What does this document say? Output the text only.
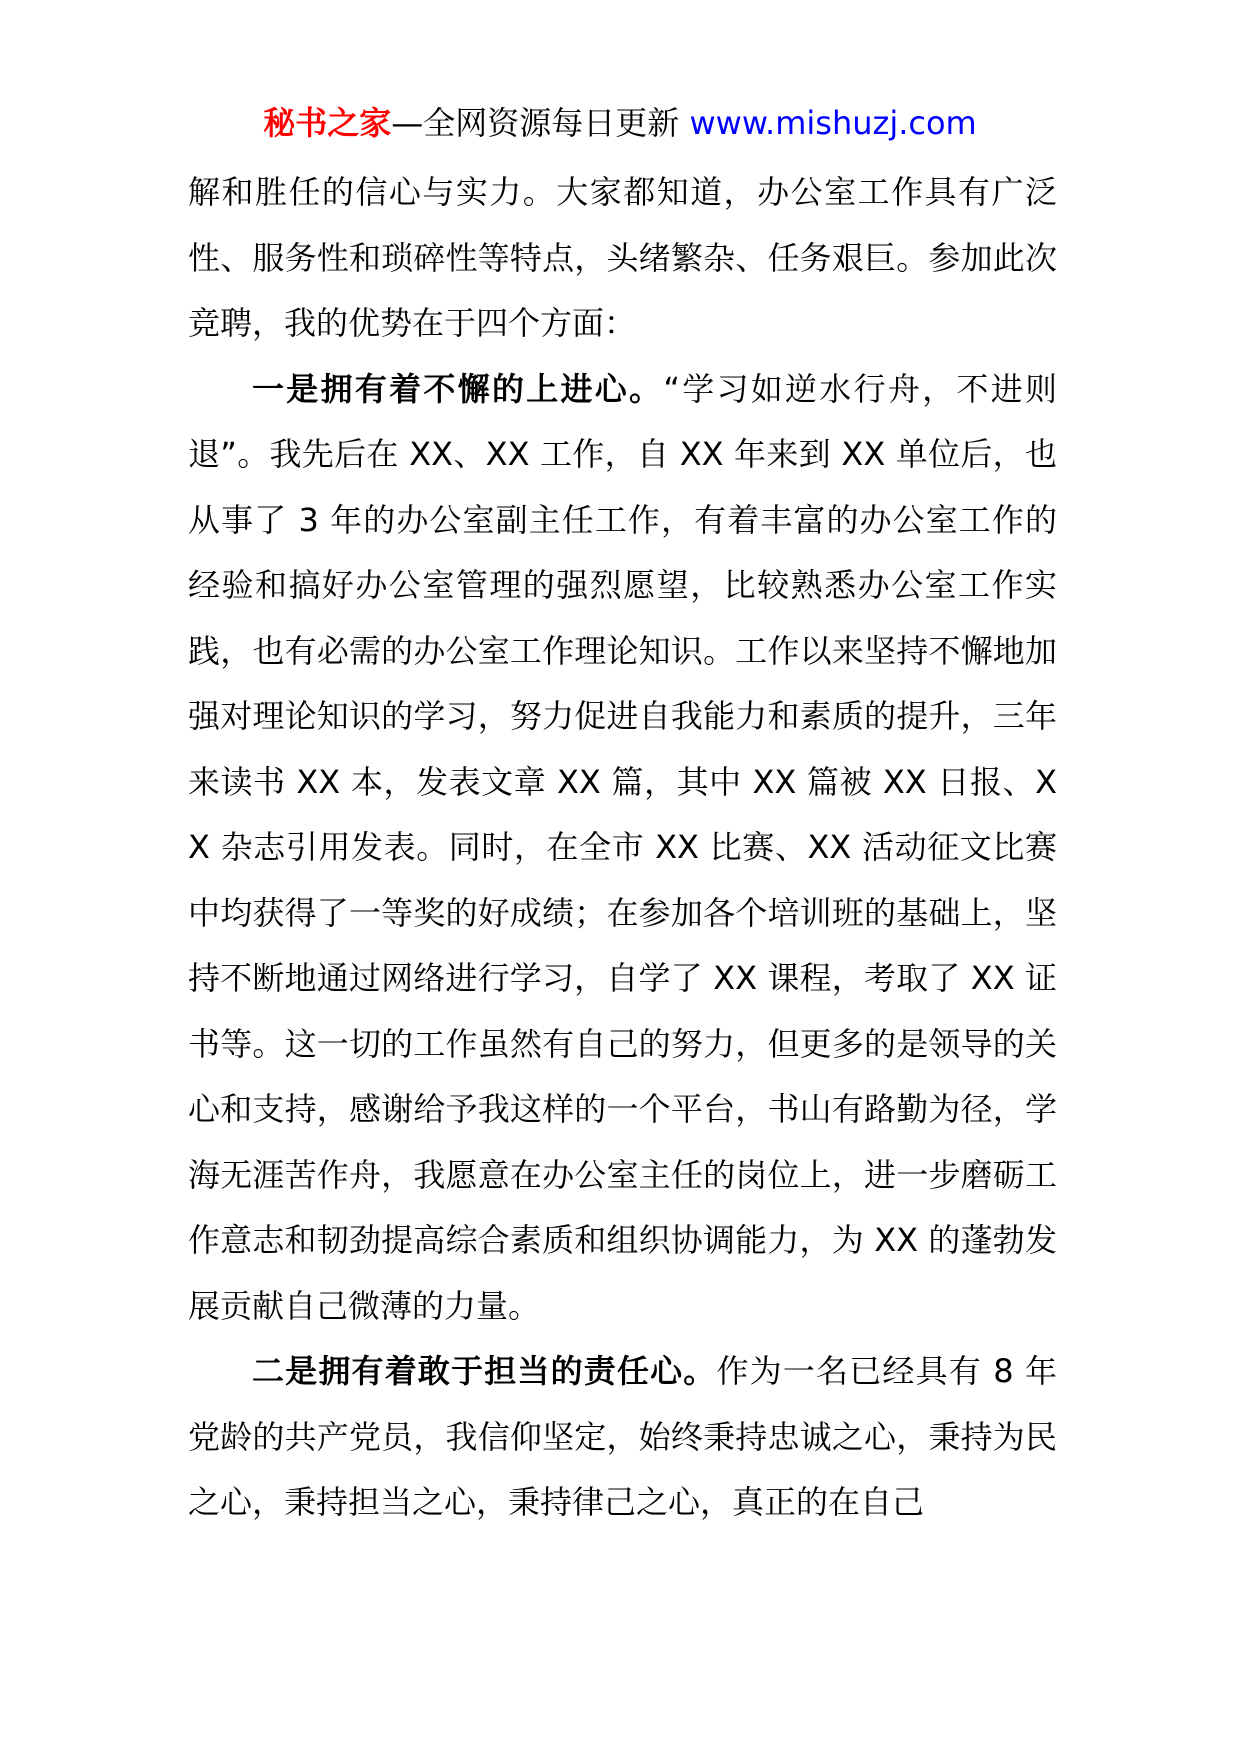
秘书之家—全网资源每日更新 www.mishuzj.com

解和胜任的信心与实力。大家都知道，办公室工作具有广泛性、服务性和琐碎性等特点，头绪繁杂、任务艰巨。参加此次竞聘，我的优势在于四个方面：

一是拥有着不懈的上进心。“学习如逆水行舟，不进则退”。我先后在 XX、XX 工作，自 XX 年来到 XX 单位后，也从事了 3 年的办公室副主任工作，有着丰富的办公室工作的经验和搞好办公室管理的强烈愿望，比较熟悉办公室工作实践，也有必需的办公室工作理论知识。工作以来坚持不懈地加强对理论知识的学习，努力促进自我能力和素质的提升，三年来读书 XX 本，发表文章 XX 篇，其中 XX 篇被 XX 日报、XX 杂志引用发表。同时，在全市 XX 比赛、XX 活动征文比赛中均获得了一等奖的好成绩；在参加各个培训班的基础上，坚持不断地通过网络进行学习，自学了 XX 课程，考取了 XX 证书等。这一切的工作虽然有自己的努力，但更多的是领导的关心和支持，感谢给予我这样的一个平台，书山有路勤为径，学海无涯苦作舟，我愿意在办公室主任的岗位上，进一步磨砺工作意志和韧劲提高综合素质和组织协调能力，为 XX 的蓬勃发展贡献自己微薄的力量。

二是拥有着敢于担当的责任心。作为一名已经具有 8 年党龄的共产党员，我信仰坚定，始终秉持忠诚之心，秉持为民之心，秉持担当之心，秉持律己之心，真正的在自己
